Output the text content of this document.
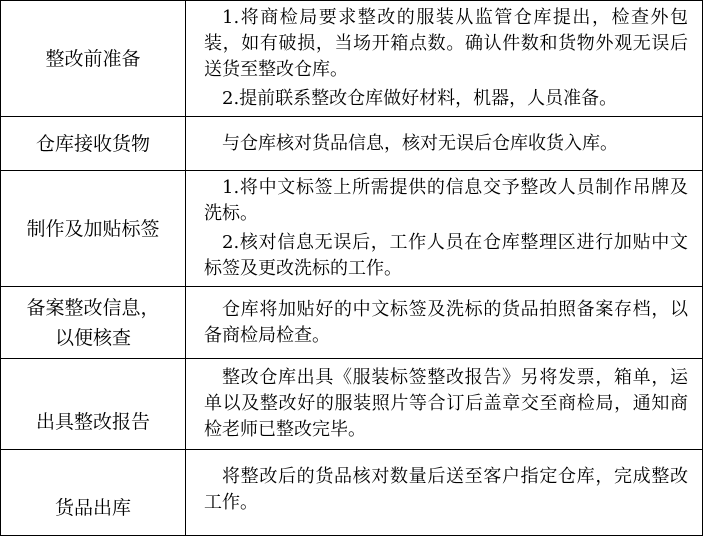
整改前准备	1.将商检局要求整改的服装从监管仓库提出，检查外包装，如有破损，当场开箱点数。确认件数和货物外观无误后送货至整改仓库。

2.提前联系整改仓库做好材料，机器，人员准备。

仓库接收货物	与仓库核对货品信息，核对无误后仓库收货入库。

制作及加贴标签	1.将中文标签上所需提供的信息交予整改人员制作吊牌及洗标。

2.核对信息无误后，工作人员在仓库整理区进行加贴中文标签及更改洗标的工作。

备案整改信息，
以便核查	仓库将加贴好的中文标签及洗标的货品拍照备案存档，以备商检局检查。

出具整改报告	整改仓库出具《服装标签整改报告》另将发票，箱单，运单以及整改好的服装照片等合订后盖章交至商检局，通知商检老师已整改完毕。

货品出库	将整改后的货品核对数量后送至客户指定仓库，完成整改工作。
